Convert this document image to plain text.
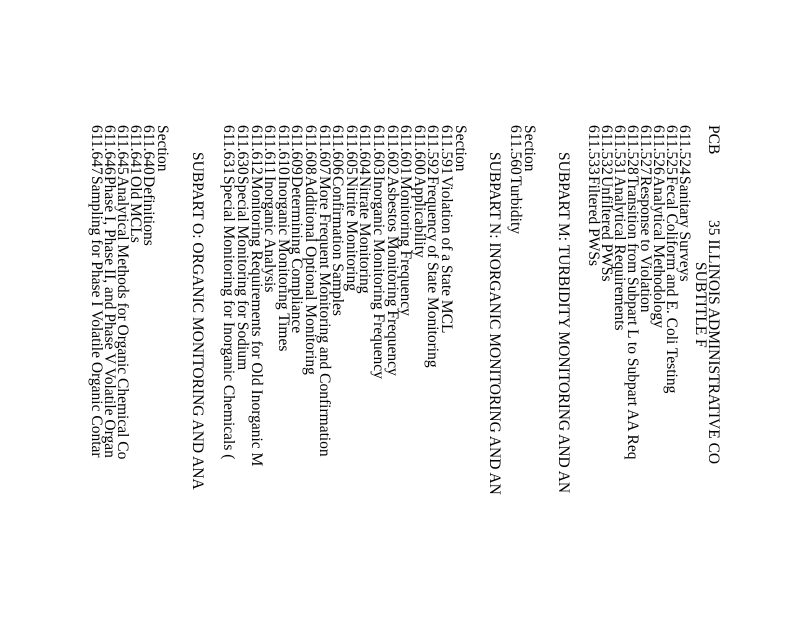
PCB
35 ILLINOIS ADMINISTRATIVE CO
SUBTITLE F
611.524
Sanitary Surveys
611.525
Fecal Coliform and E. Coli Testing
611.526
Analytical Methodology
611.527
Response to Violation
611.528
Transition from Subpart L to Subpart AA Req
611.531
Analytical Requirements
611.532
Unfiltered PWSs
611.533
Filtered PWSs
SUBPART M: TURBIDITY MONITORING AND AN
Section
611.560
Turbidity
SUBPART N: INORGANIC MONITORING AND AN
Section
611.591
Violation of a State MCL
611.592
Frequency of State Monitoring
611.600
Applicability
611.601
Monitoring Frequency
611.602
Asbestos Monitoring Frequency
611.603
Inorganic Monitoring Frequency
611.604
Nitrate Monitoring
611.605
Nitrite Monitoring
611.606
Confirmation Samples
611.607
More Frequent Monitoring and Confirmation
611.608
Additional Optional Monitoring
611.609
Determining Compliance
611.610
Inorganic Monitoring Times
611.611
Inorganic Analysis
611.612
Monitoring Requirements for Old Inorganic M
611.630
Special Monitoring for Sodium
611.631
Special Monitoring for Inorganic Chemicals (
SUBPART O: ORGANIC MONITORING AND ANA
Section
611.640
Definitions
611.641
Old MCLs
611.645
Analytical Methods for Organic Chemical Co
611.646
Phase I, Phase II, and Phase V Volatile Organ
611.647
Sampling for Phase I Volatile Organic Contar
